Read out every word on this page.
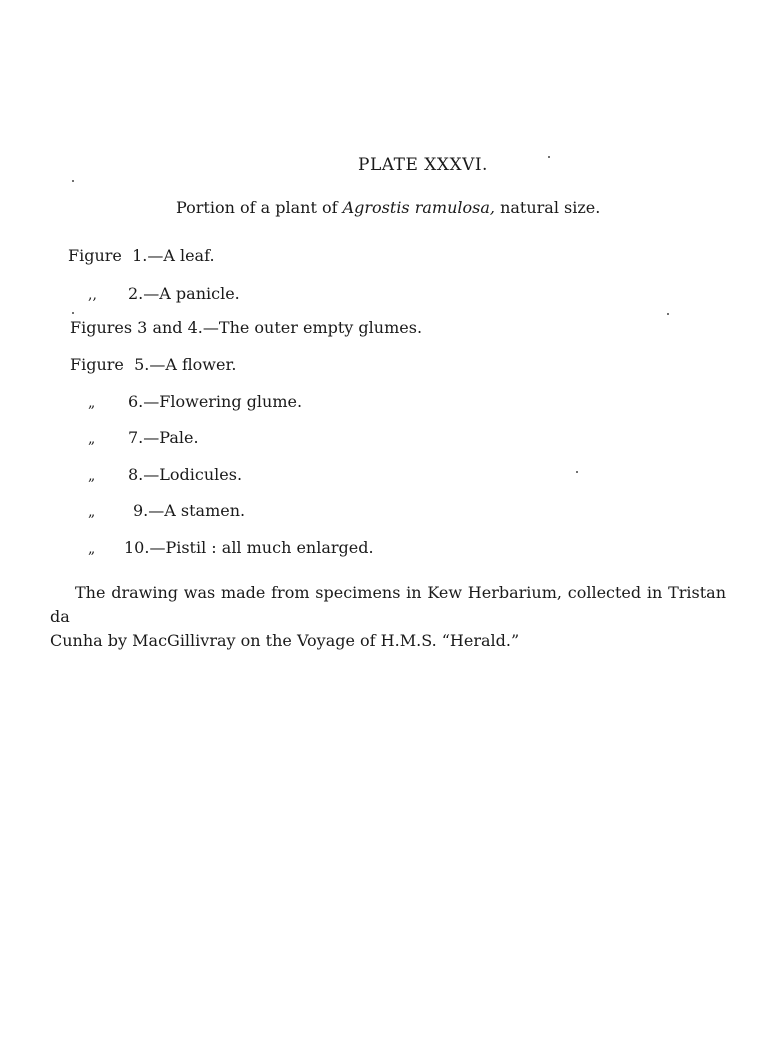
PLATE XXXVI.
Portion of a plant of Agrostis ramulosa, natural size.
Figure 1.—A leaf.
,, 2.—A panicle.
Figures 3 and 4.—The outer empty glumes.
Figure 5.—A flower.
„ 6.—Flowering glume.
„ 7.—Pale.
„ 8.—Lodicules.
„ 9.—A stamen.
„ 10.—Pistil : all much enlarged.
The drawing was made from specimens in Kew Herbarium, collected in Tristan da
Cunha by MacGillivray on the Voyage of H.M.S. “Herald.”
